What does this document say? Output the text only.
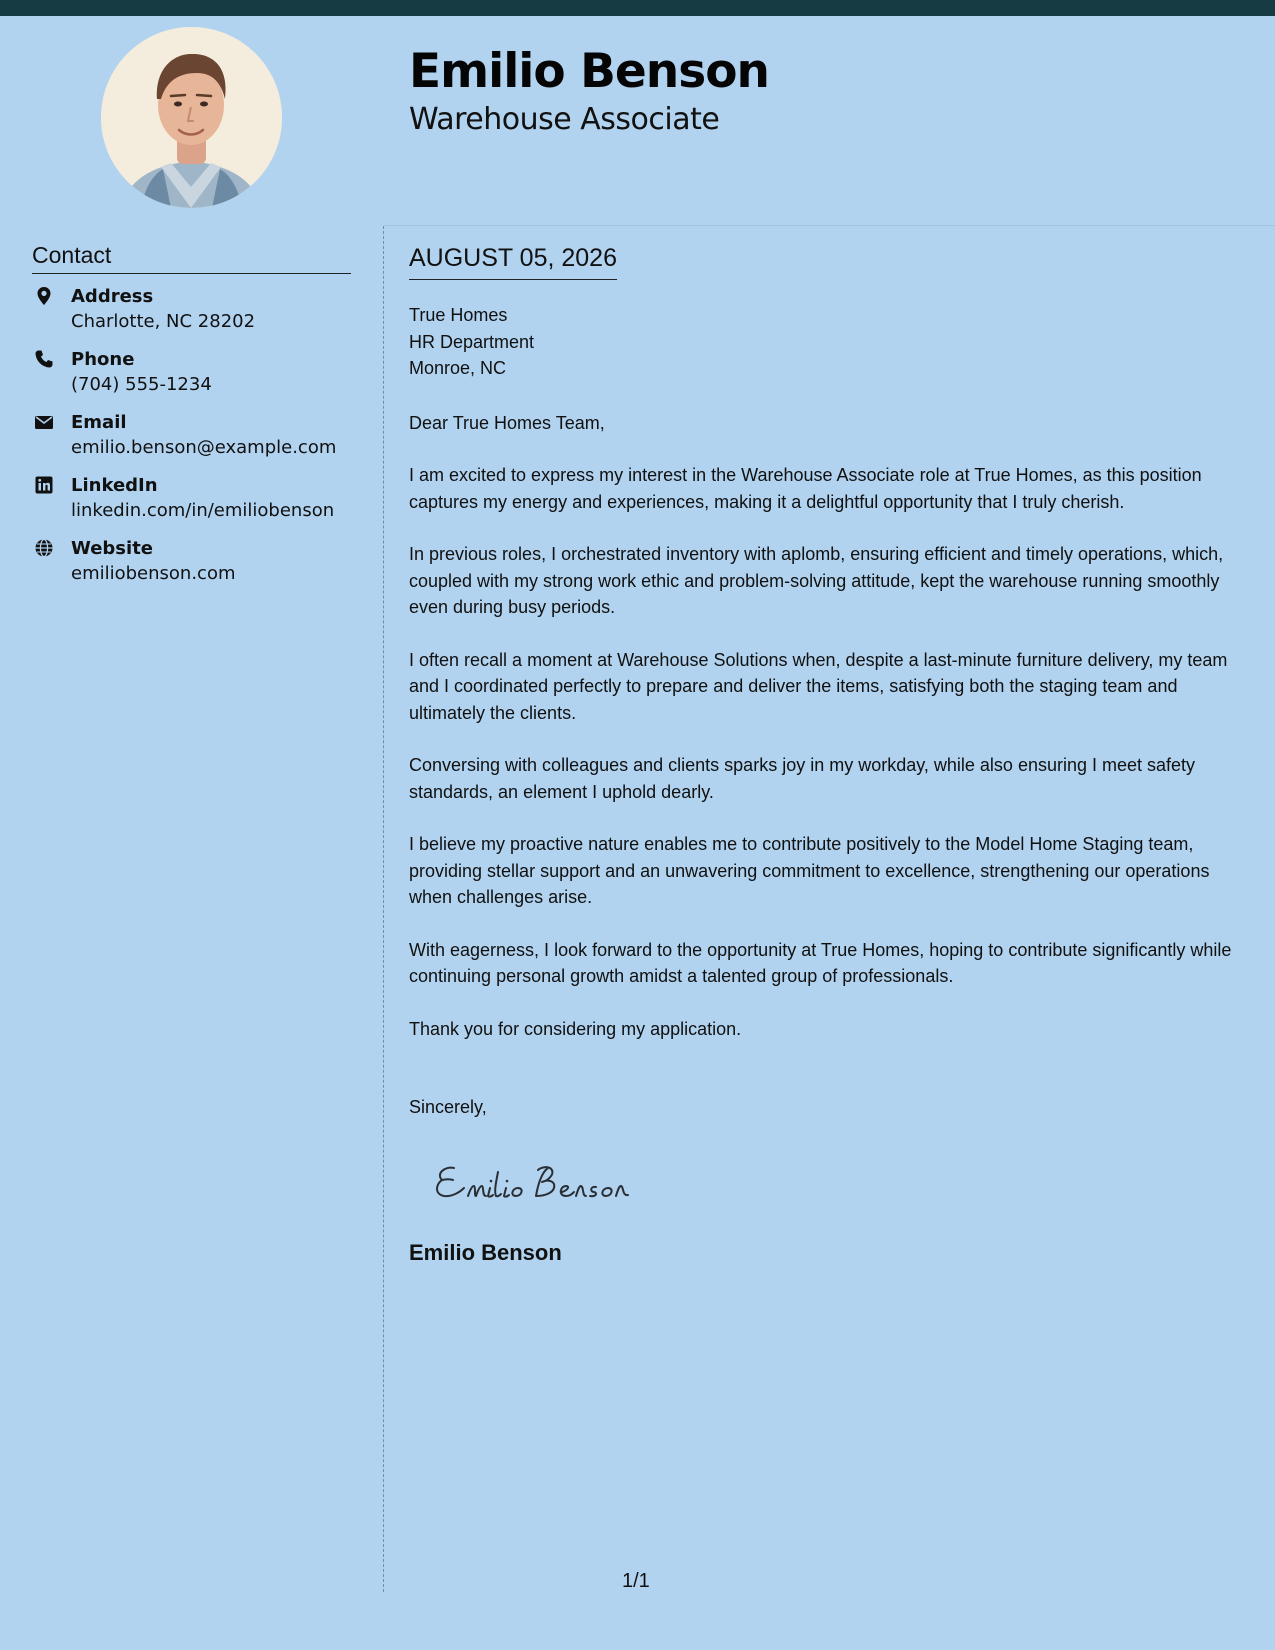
Emilio Benson
Warehouse Associate
Contact
Address
Charlotte, NC 28202
Phone
(704) 555-1234
Email
emilio.benson@example.com
LinkedIn
linkedin.com/in/emiliobenson
Website
emiliobenson.com
AUGUST 05, 2026
True Homes
HR Department
Monroe, NC
Dear True Homes Team,

I am excited to express my interest in the Warehouse Associate role at True Homes, as this position captures my energy and experiences, making it a delightful opportunity that I truly cherish.

In previous roles, I orchestrated inventory with aplomb, ensuring efficient and timely operations, which, coupled with my strong work ethic and problem-solving attitude, kept the warehouse running smoothly even during busy periods.

I often recall a moment at Warehouse Solutions when, despite a last-minute furniture delivery, my team and I coordinated perfectly to prepare and deliver the items, satisfying both the staging team and ultimately the clients.

Conversing with colleagues and clients sparks joy in my workday, while also ensuring I meet safety standards, an element I uphold dearly.

I believe my proactive nature enables me to contribute positively to the Model Home Staging team, providing stellar support and an unwavering commitment to excellence, strengthening our operations when challenges arise.

With eagerness, I look forward to the opportunity at True Homes, hoping to contribute significantly while continuing personal growth amidst a talented group of professionals.

Thank you for considering my application.

Sincerely,
Emilio Benson
1/1
